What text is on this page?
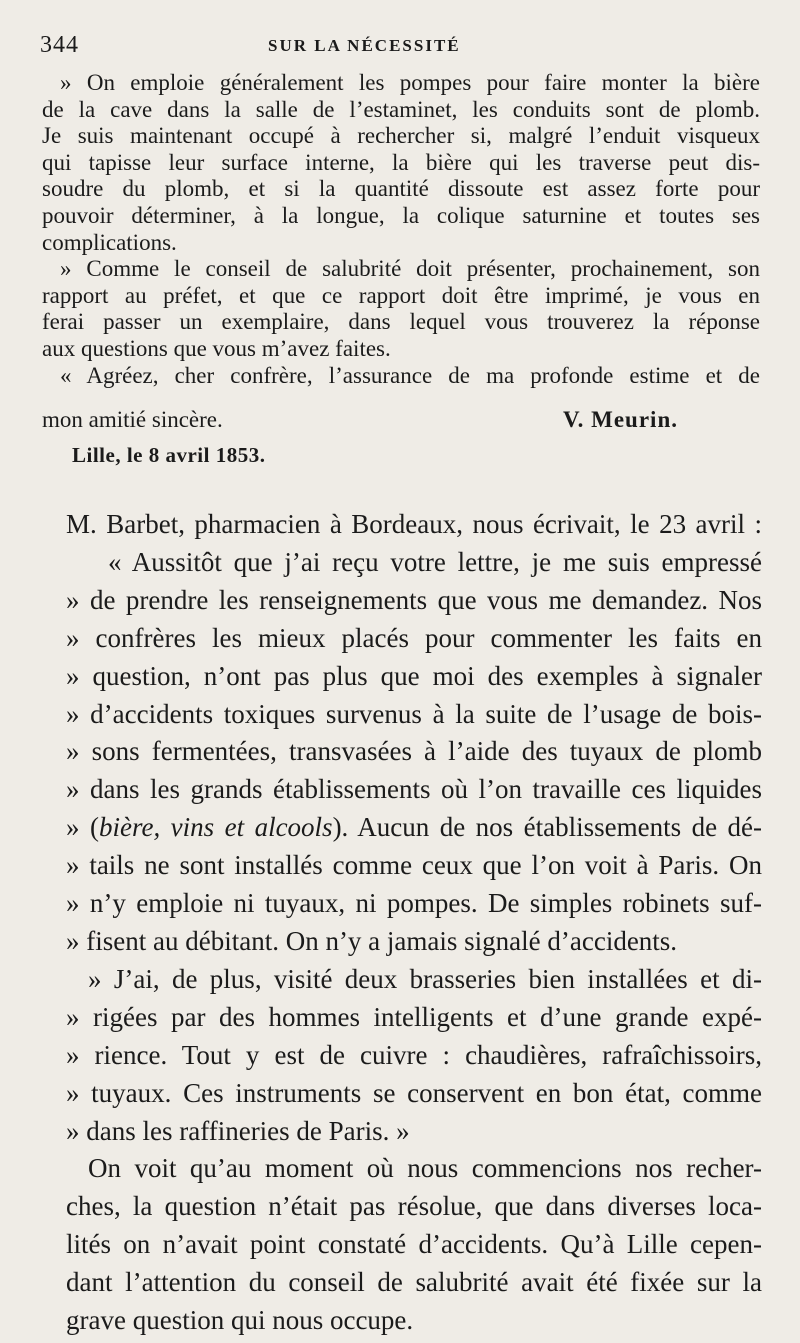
344	SUR LA NÉCESSITÉ
» On emploie généralement les pompes pour faire monter la bière
de la cave dans la salle de l’estaminet, les conduits sont de plomb.
Je suis maintenant occupé à rechercher si, malgré l’enduit visqueux
qui tapisse leur surface interne, la bière qui les traverse peut dis-
soudre du plomb, et si la quantité dissoute est assez forte pour
pouvoir déterminer, à la longue, la colique saturnine et toutes ses
complications.
» Comme le conseil de salubrité doit présenter, prochainement, son
rapport au préfet, et que ce rapport doit être imprimé, je vous en
ferai passer un exemplaire, dans lequel vous trouverez la réponse
aux questions que vous m’avez faites.
« Agréez, cher confrère, l’assurance de ma profonde estime et de
mon amitié sincère.	V. Meurin.
Lille, le 8 avril 1853.
M. Barbet, pharmacien à Bordeaux, nous écrivait, le 23 avril :
« Aussitôt que j’ai reçu votre lettre, je me suis empressé
» de prendre les renseignements que vous me demandez. Nos
» confrères les mieux placés pour commenter les faits en
» question, n’ont pas plus que moi des exemples à signaler
» d’accidents toxiques survenus à la suite de l’usage de bois-
» sons fermentées, transvasées à l’aide des tuyaux de plomb
» dans les grands établissements où l’on travaille ces liquides
» (bière, vins et alcools). Aucun de nos établissements de dé-
» tails ne sont installés comme ceux que l’on voit à Paris. On
» n’y emploie ni tuyaux, ni pompes. De simples robinets suf-
» fisent au débitant. On n’y a jamais signalé d’accidents.
» J’ai, de plus, visité deux brasseries bien installées et di-
» rigées par des hommes intelligents et d’une grande expé-
» rience. Tout y est de cuivre : chaudières, rafraîchissoirs,
» tuyaux. Ces instruments se conservent en bon état, comme
» dans les raffineries de Paris. »
On voit qu’au moment où nous commencions nos recher-
ches, la question n’était pas résolue, que dans diverses loca-
lités on n’avait point constaté d’accidents. Qu’à Lille cepen-
dant l’attention du conseil de salubrité avait été fixée sur la
grave question qui nous occupe.
